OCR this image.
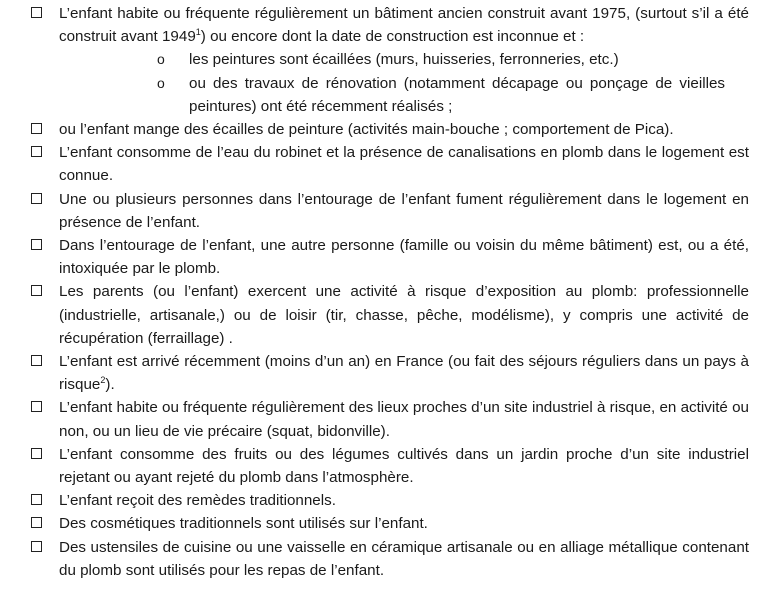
L’enfant habite ou fréquente régulièrement un bâtiment ancien construit avant 1975, (surtout s’il a été construit avant 1949$^1$) ou encore dont la date de construction est inconnue et :
o les peintures sont écaillées (murs, huisseries, ferronneries, etc.)
o ou des travaux de rénovation (notamment décapage ou ponçage de vieilles peintures) ont été récemment réalisés ;
ou l’enfant mange des écailles de peinture (activités main-bouche ; comportement de Pica).
L’enfant consomme de l’eau du robinet et la présence de canalisations en plomb dans le logement est connue.
Une ou plusieurs personnes dans l’entourage de l’enfant fument régulièrement dans le logement en présence de l’enfant.
Dans l’entourage de l’enfant, une autre personne (famille ou voisin du même bâtiment) est, ou a été, intoxiquée par le plomb.
Les parents (ou l’enfant) exercent une activité à risque d’exposition au plomb: professionnelle (industrielle, artisanale,) ou de loisir (tir, chasse, pêche, modélisme), y compris une activité de récupération (ferraillage) .
L’enfant est arrivé récemment (moins d’un an) en France (ou fait des séjours réguliers dans un pays à risque$^2$).
L’enfant habite ou fréquente régulièrement des lieux proches d’un site industriel à risque, en activité ou non, ou un lieu de vie précaire (squat, bidonville).
L’enfant consomme des fruits ou des légumes cultivés dans un jardin proche d’un site industriel rejetant ou ayant rejeté du plomb dans l’atmosphère.
L’enfant reçoit des remèdes traditionnels.
Des cosmétiques traditionnels sont utilisés sur l’enfant.
Des ustensiles de cuisine ou une vaisselle en céramique artisanale ou en alliage métallique contenant du plomb sont utilisés pour les repas de l’enfant.
